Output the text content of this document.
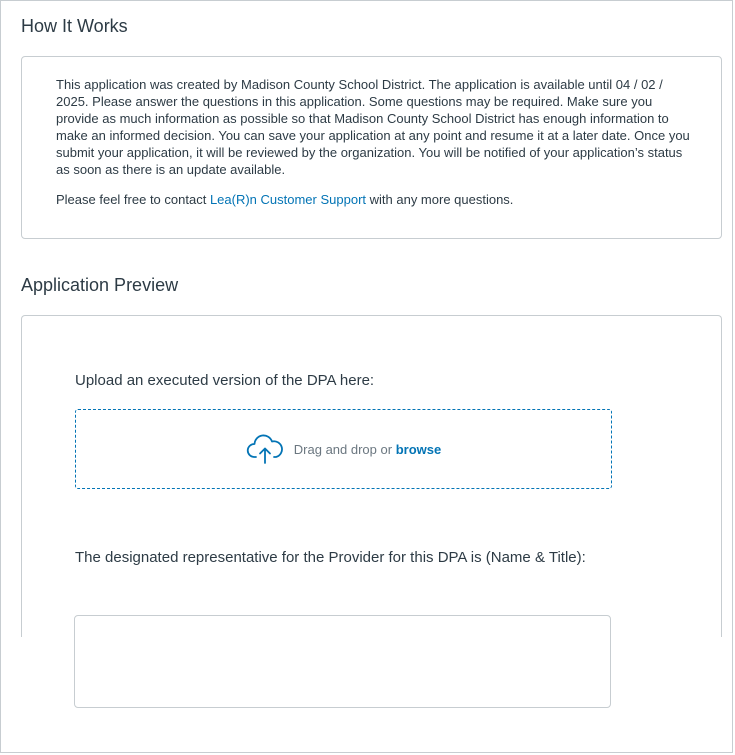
How It Works

This application was created by Madison County School District. The application is available until 04 / 02 / 2025. Please answer the questions in this application. Some questions may be required. Make sure you provide as much information as possible so that Madison County School District has enough information to make an informed decision. You can save your application at any point and resume it at a later date. Once you submit your application, it will be reviewed by the organization. You will be notified of your application’s status as soon as there is an update available.

Please feel free to contact Lea(R)n Customer Support with any more questions.

Application Preview

Upload an executed version of the DPA here:

Drag and drop or browse

The designated representative for the Provider for this DPA is (Name & Title):
